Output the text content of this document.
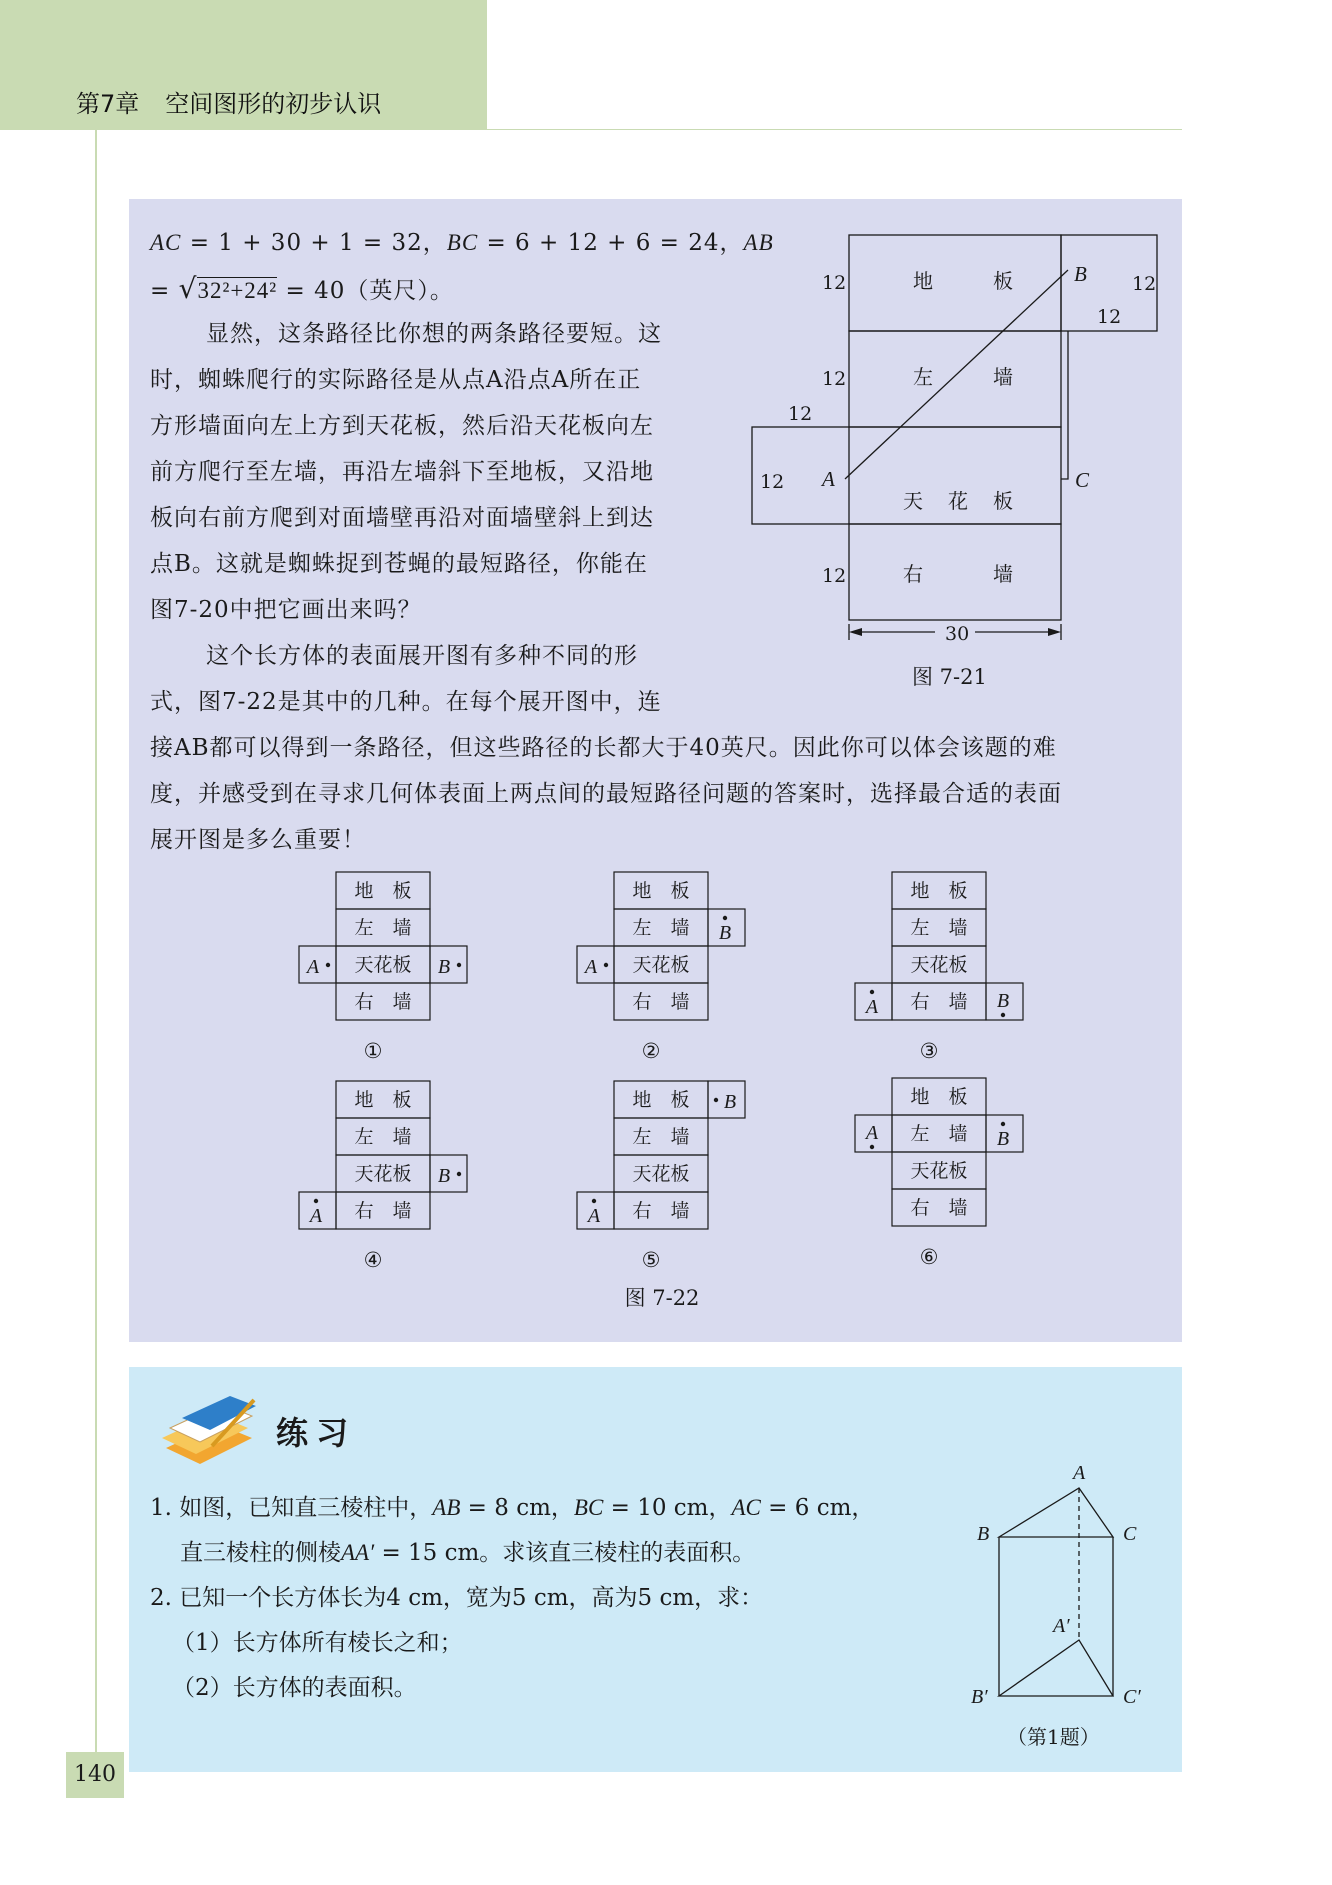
第7章 空间图形的初步认识
140
AC = 1 + 30 + 1 = 32，BC = 6 + 12 + 6 = 24，AB
= √32²+24² = 40（英尺）。
显然，这条路径比你想的两条路径要短。这
时，蜘蛛爬行的实际路径是从点A沿点A所在正
方形墙面向左上方到天花板，然后沿天花板向左
前方爬行至左墙，再沿左墙斜下至地板，又沿地
板向右前方爬到对面墙壁再沿对面墙壁斜上到达
点B。这就是蜘蛛捉到苍蝇的最短路径，你能在
图7-20中把它画出来吗？
这个长方体的表面展开图有多种不同的形
式，图7-22是其中的几种。在每个展开图中，连
接AB都可以得到一条路径，但这些路径的长都大于40英尺。因此你可以体会该题的难
度，并感受到在寻求几何体表面上两点间的最短路径问题的答案时，选择最合适的表面
展开图是多么重要！
地	板
左	墙
天 花 板
右	墙
12
12
12
12
12
12
12
30
A
B
C
图 7-21
地　板
左　墙
天花板
右　墙
A	B
①
地　板
左　墙
天花板
右　墙
A
B
②
地　板
左　墙
天花板
右　墙
A	B
③
地　板
左　墙
天花板
右　墙
A
B
④
地　板
左　墙
天花板
右　墙
A
B
⑤
地　板
左　墙
天花板
右　墙
A	B
⑥
图 7-22
练习
1. 如图，已知直三棱柱中，AB = 8 cm，BC = 10 cm，AC = 6 cm，
直三棱柱的侧棱AA′ = 15 cm。求该直三棱柱的表面积。
2. 已知一个长方体长为4 cm，宽为5 cm，高为5 cm，求：
（1）长方体所有棱长之和；
（2）长方体的表面积。
A
B	C
A′
B′	C′
（第1题）
